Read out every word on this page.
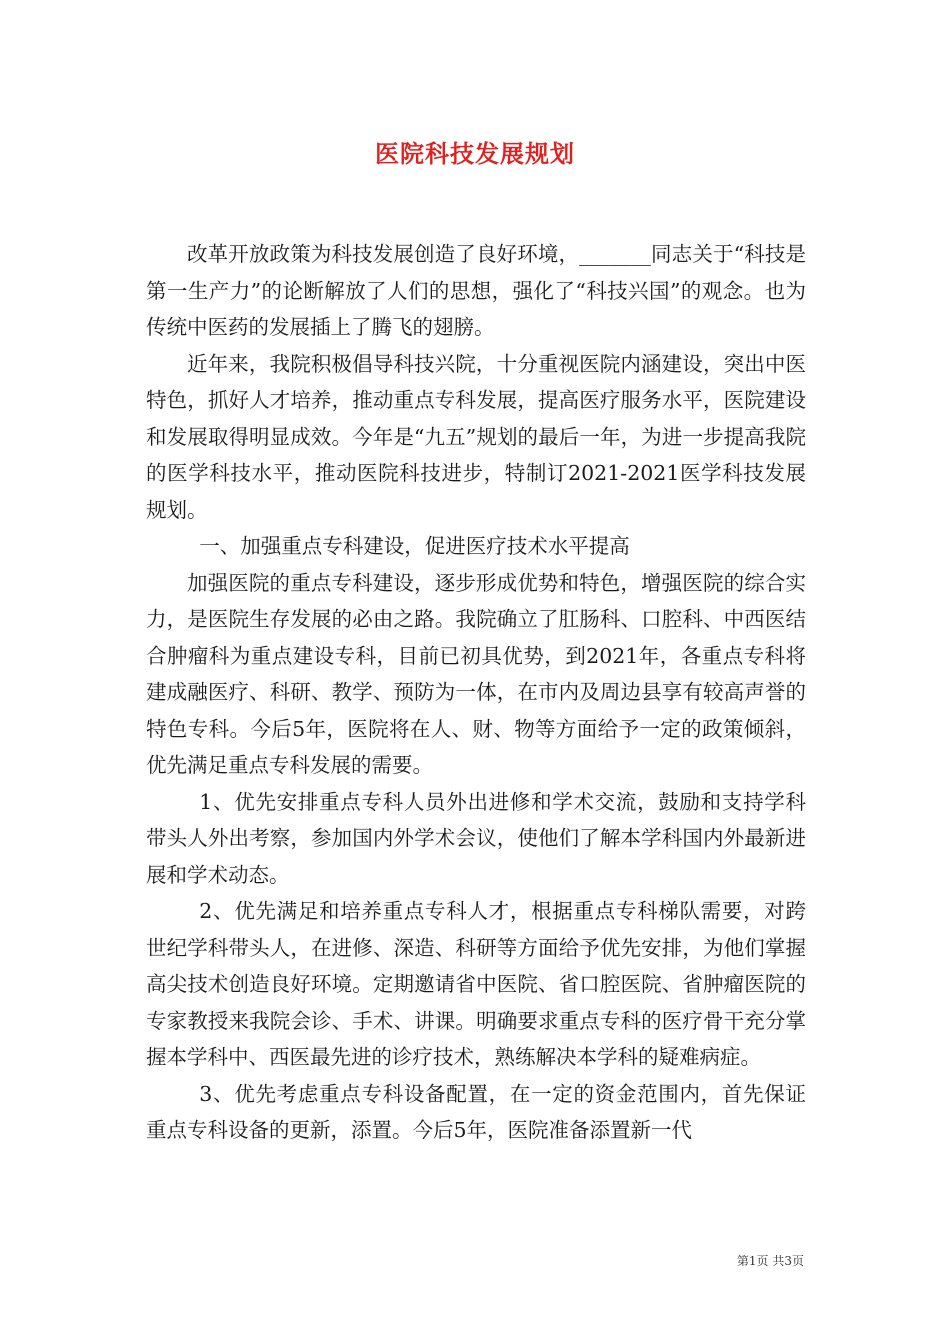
医院科技发展规划

改革开放政策为科技发展创造了良好环境，_______同志关于“科技是第一生产力”的论断解放了人们的思想，强化了“科技兴国”的观念。也为传统中医药的发展插上了腾飞的翅膀。

近年来，我院积极倡导科技兴院，十分重视医院内涵建设，突出中医特色，抓好人才培养，推动重点专科发展，提高医疗服务水平，医院建设和发展取得明显成效。今年是“九五”规划的最后一年，为进一步提高我院的医学科技水平，推动医院科技进步，特制订2021-2021医学科技发展规划。

一、加强重点专科建设，促进医疗技术水平提高

加强医院的重点专科建设，逐步形成优势和特色，增强医院的综合实力，是医院生存发展的必由之路。我院确立了肛肠科、口腔科、中西医结合肿瘤科为重点建设专科，目前已初具优势，到2021年，各重点专科将建成融医疗、科研、教学、预防为一体，在市内及周边县享有较高声誉的特色专科。今后5年，医院将在人、财、物等方面给予一定的政策倾斜，优先满足重点专科发展的需要。

1、优先安排重点专科人员外出进修和学术交流，鼓励和支持学科带头人外出考察，参加国内外学术会议，使他们了解本学科国内外最新进展和学术动态。

2、优先满足和培养重点专科人才，根据重点专科梯队需要，对跨世纪学科带头人，在进修、深造、科研等方面给予优先安排，为他们掌握高尖技术创造良好环境。定期邀请省中医院、省口腔医院、省肿瘤医院的专家教授来我院会诊、手术、讲课。明确要求重点专科的医疗骨干充分掌握本学科中、西医最先进的诊疗技术，熟练解决本学科的疑难病症。

3、优先考虑重点专科设备配置，在一定的资金范围内，首先保证重点专科设备的更新，添置。今后5年，医院准备添置新一代

第1页 共3页
